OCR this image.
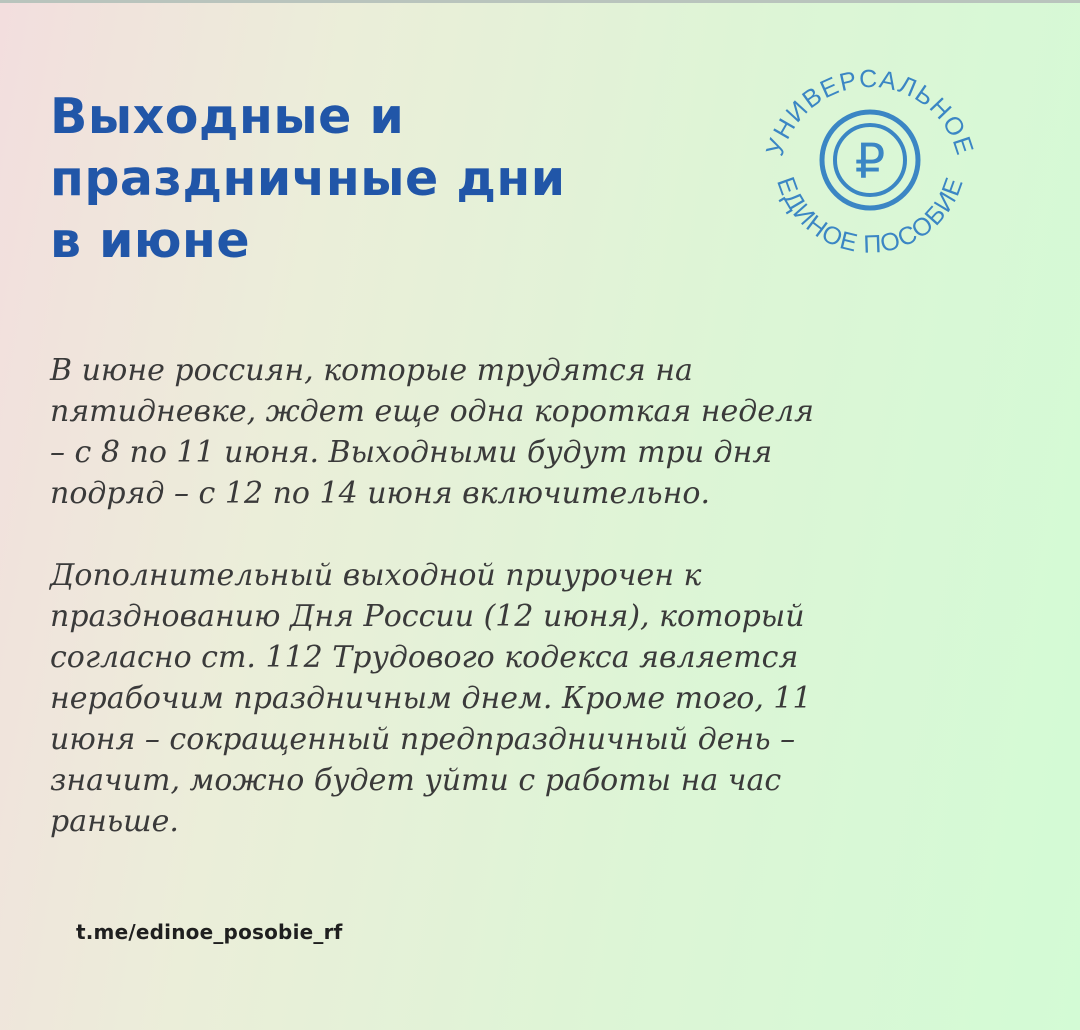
Выходные и
праздничные дни
в июне
УНИВЕРСАЛЬНОЕ
ЕДИНОЕ ПОСОБИЕ
₽

В июне россиян, которые трудятся на
пятидневке, ждет еще одна короткая неделя
– с 8 по 11 июня. Выходными будут три дня
подряд – с 12 по 14 июня включительно.

Дополнительный выходной приурочен к
празднованию Дня России (12 июня), который
согласно ст. 112 Трудового кодекса является
нерабочим праздничным днем. Кроме того, 11
июня – сокращенный предпраздничный день –
значит, можно будет уйти с работы на час
раньше.

t.me/edinoe_posobie_rf
